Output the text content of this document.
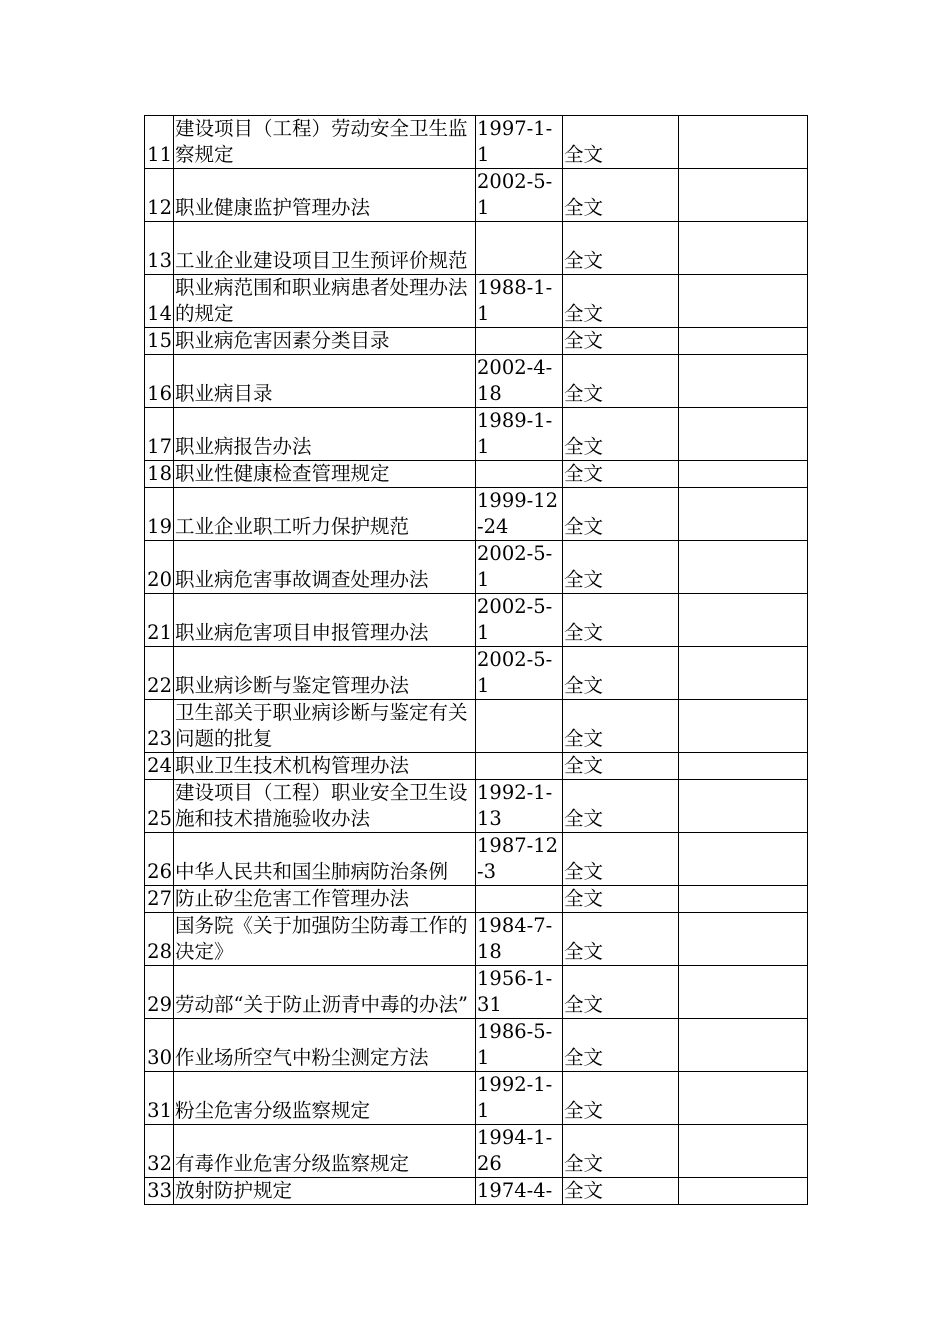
11	建设项目（工程）劳动安全卫生监察规定	1997-1-1	全文	
12	职业健康监护管理办法	2002-5-1	全文	
13	工业企业建设项目卫生预评价规范		全文	
14	职业病范围和职业病患者处理办法的规定	1988-1-1	全文	
15	职业病危害因素分类目录		全文	
16	职业病目录	2002-4-18	全文	
17	职业病报告办法	1989-1-1	全文	
18	职业性健康检查管理规定		全文	
19	工业企业职工听力保护规范	1999-12-24	全文	
20	职业病危害事故调查处理办法	2002-5-1	全文	
21	职业病危害项目申报管理办法	2002-5-1	全文	
22	职业病诊断与鉴定管理办法	2002-5-1	全文	
23	卫生部关于职业病诊断与鉴定有关问题的批复		全文	
24	职业卫生技术机构管理办法		全文	
25	建设项目（工程）职业安全卫生设施和技术措施验收办法	1992-1-13	全文	
26	中华人民共和国尘肺病防治条例	1987-12-3	全文	
27	防止矽尘危害工作管理办法		全文	
28	国务院《关于加强防尘防毒工作的决定》	1984-7-18	全文	
29	劳动部“关于防止沥青中毒的办法”	1956-1-31	全文	
30	作业场所空气中粉尘测定方法	1986-5-1	全文	
31	粉尘危害分级监察规定	1992-1-1	全文	
32	有毒作业危害分级监察规定	1994-1-26	全文	
33	放射防护规定	1974-4-	全文	
